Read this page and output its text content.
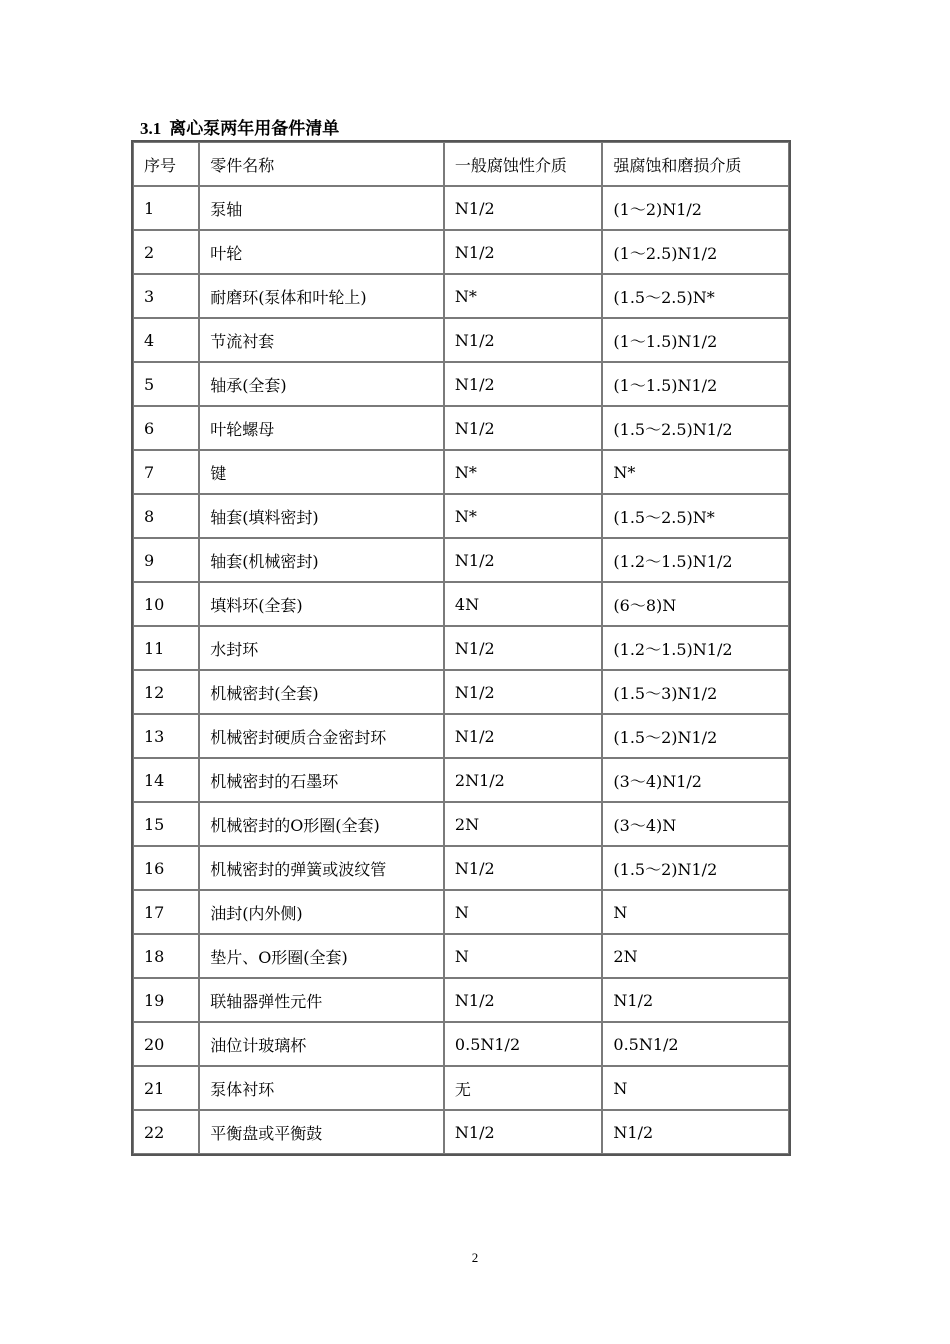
3.1 离心泵两年用备件清单
序号	零件名称	一般腐蚀性介质	强腐蚀和磨损介质
1	泵轴	N1/2	(1～2)N1/2
2	叶轮	N1/2	(1～2.5)N1/2
3	耐磨环(泵体和叶轮上)	N*	(1.5～2.5)N*
4	节流衬套	N1/2	(1～1.5)N1/2
5	轴承(全套)	N1/2	(1～1.5)N1/2
6	叶轮螺母	N1/2	(1.5～2.5)N1/2
7	键	N*	N*
8	轴套(填料密封)	N*	(1.5～2.5)N*
9	轴套(机械密封)	N1/2	(1.2～1.5)N1/2
10	填料环(全套)	4N	(6～8)N
11	水封环	N1/2	(1.2～1.5)N1/2
12	机械密封(全套)	N1/2	(1.5～3)N1/2
13	机械密封硬质合金密封环	N1/2	(1.5～2)N1/2
14	机械密封的石墨环	2N1/2	(3～4)N1/2
15	机械密封的O形圈(全套)	2N	(3～4)N
16	机械密封的弹簧或波纹管	N1/2	(1.5～2)N1/2
17	油封(内外侧)	N	N
18	垫片、O形圈(全套)	N	2N
19	联轴器弹性元件	N1/2	N1/2
20	油位计玻璃杯	0.5N1/2	0.5N1/2
21	泵体衬环	无	N
22	平衡盘或平衡鼓	N1/2	N1/2
2
